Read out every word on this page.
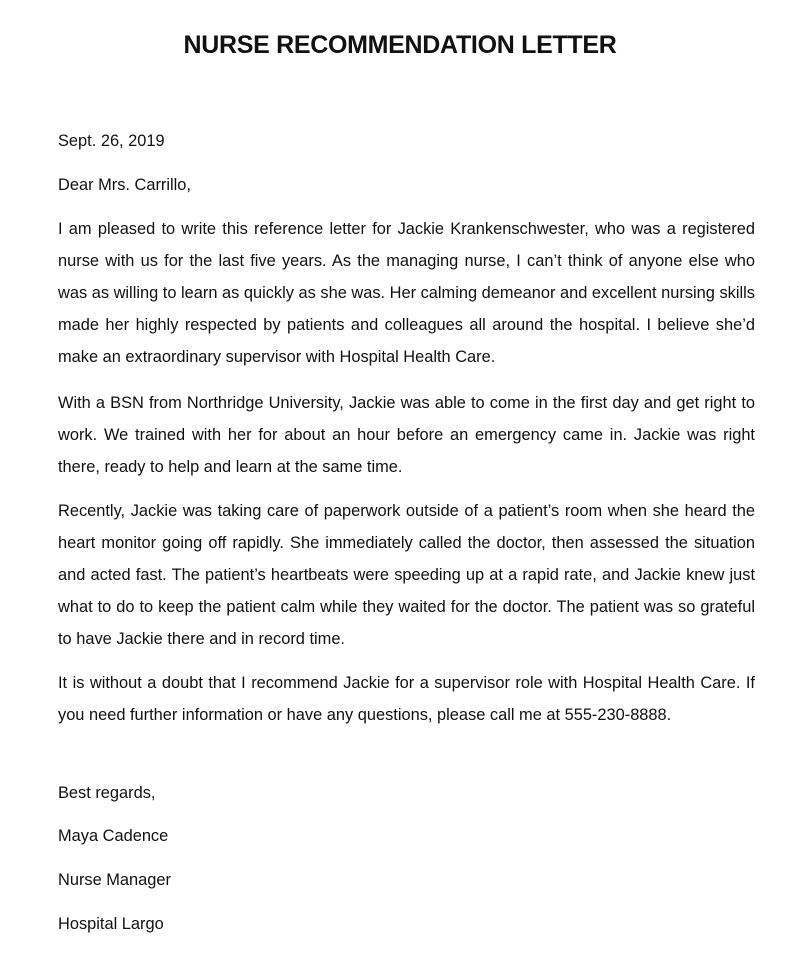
NURSE RECOMMENDATION LETTER

Sept. 26, 2019

Dear Mrs. Carrillo,

I am pleased to write this reference letter for Jackie Krankenschwester, who was a registered nurse with us for the last five years. As the managing nurse, I can’t think of anyone else who was as willing to learn as quickly as she was. Her calming demeanor and excellent nursing skills made her highly respected by patients and colleagues all around the hospital. I believe she’d make an extraordinary supervisor with Hospital Health Care.

With a BSN from Northridge University, Jackie was able to come in the first day and get right to work. We trained with her for about an hour before an emergency came in. Jackie was right there, ready to help and learn at the same time.

Recently, Jackie was taking care of paperwork outside of a patient’s room when she heard the heart monitor going off rapidly. She immediately called the doctor, then assessed the situation and acted fast. The patient’s heartbeats were speeding up at a rapid rate, and Jackie knew just what to do to keep the patient calm while they waited for the doctor. The patient was so grateful to have Jackie there and in record time.

It is without a doubt that I recommend Jackie for a supervisor role with Hospital Health Care. If you need further information or have any questions, please call me at 555-230-8888.

Best regards,

Maya Cadence

Nurse Manager

Hospital Largo
